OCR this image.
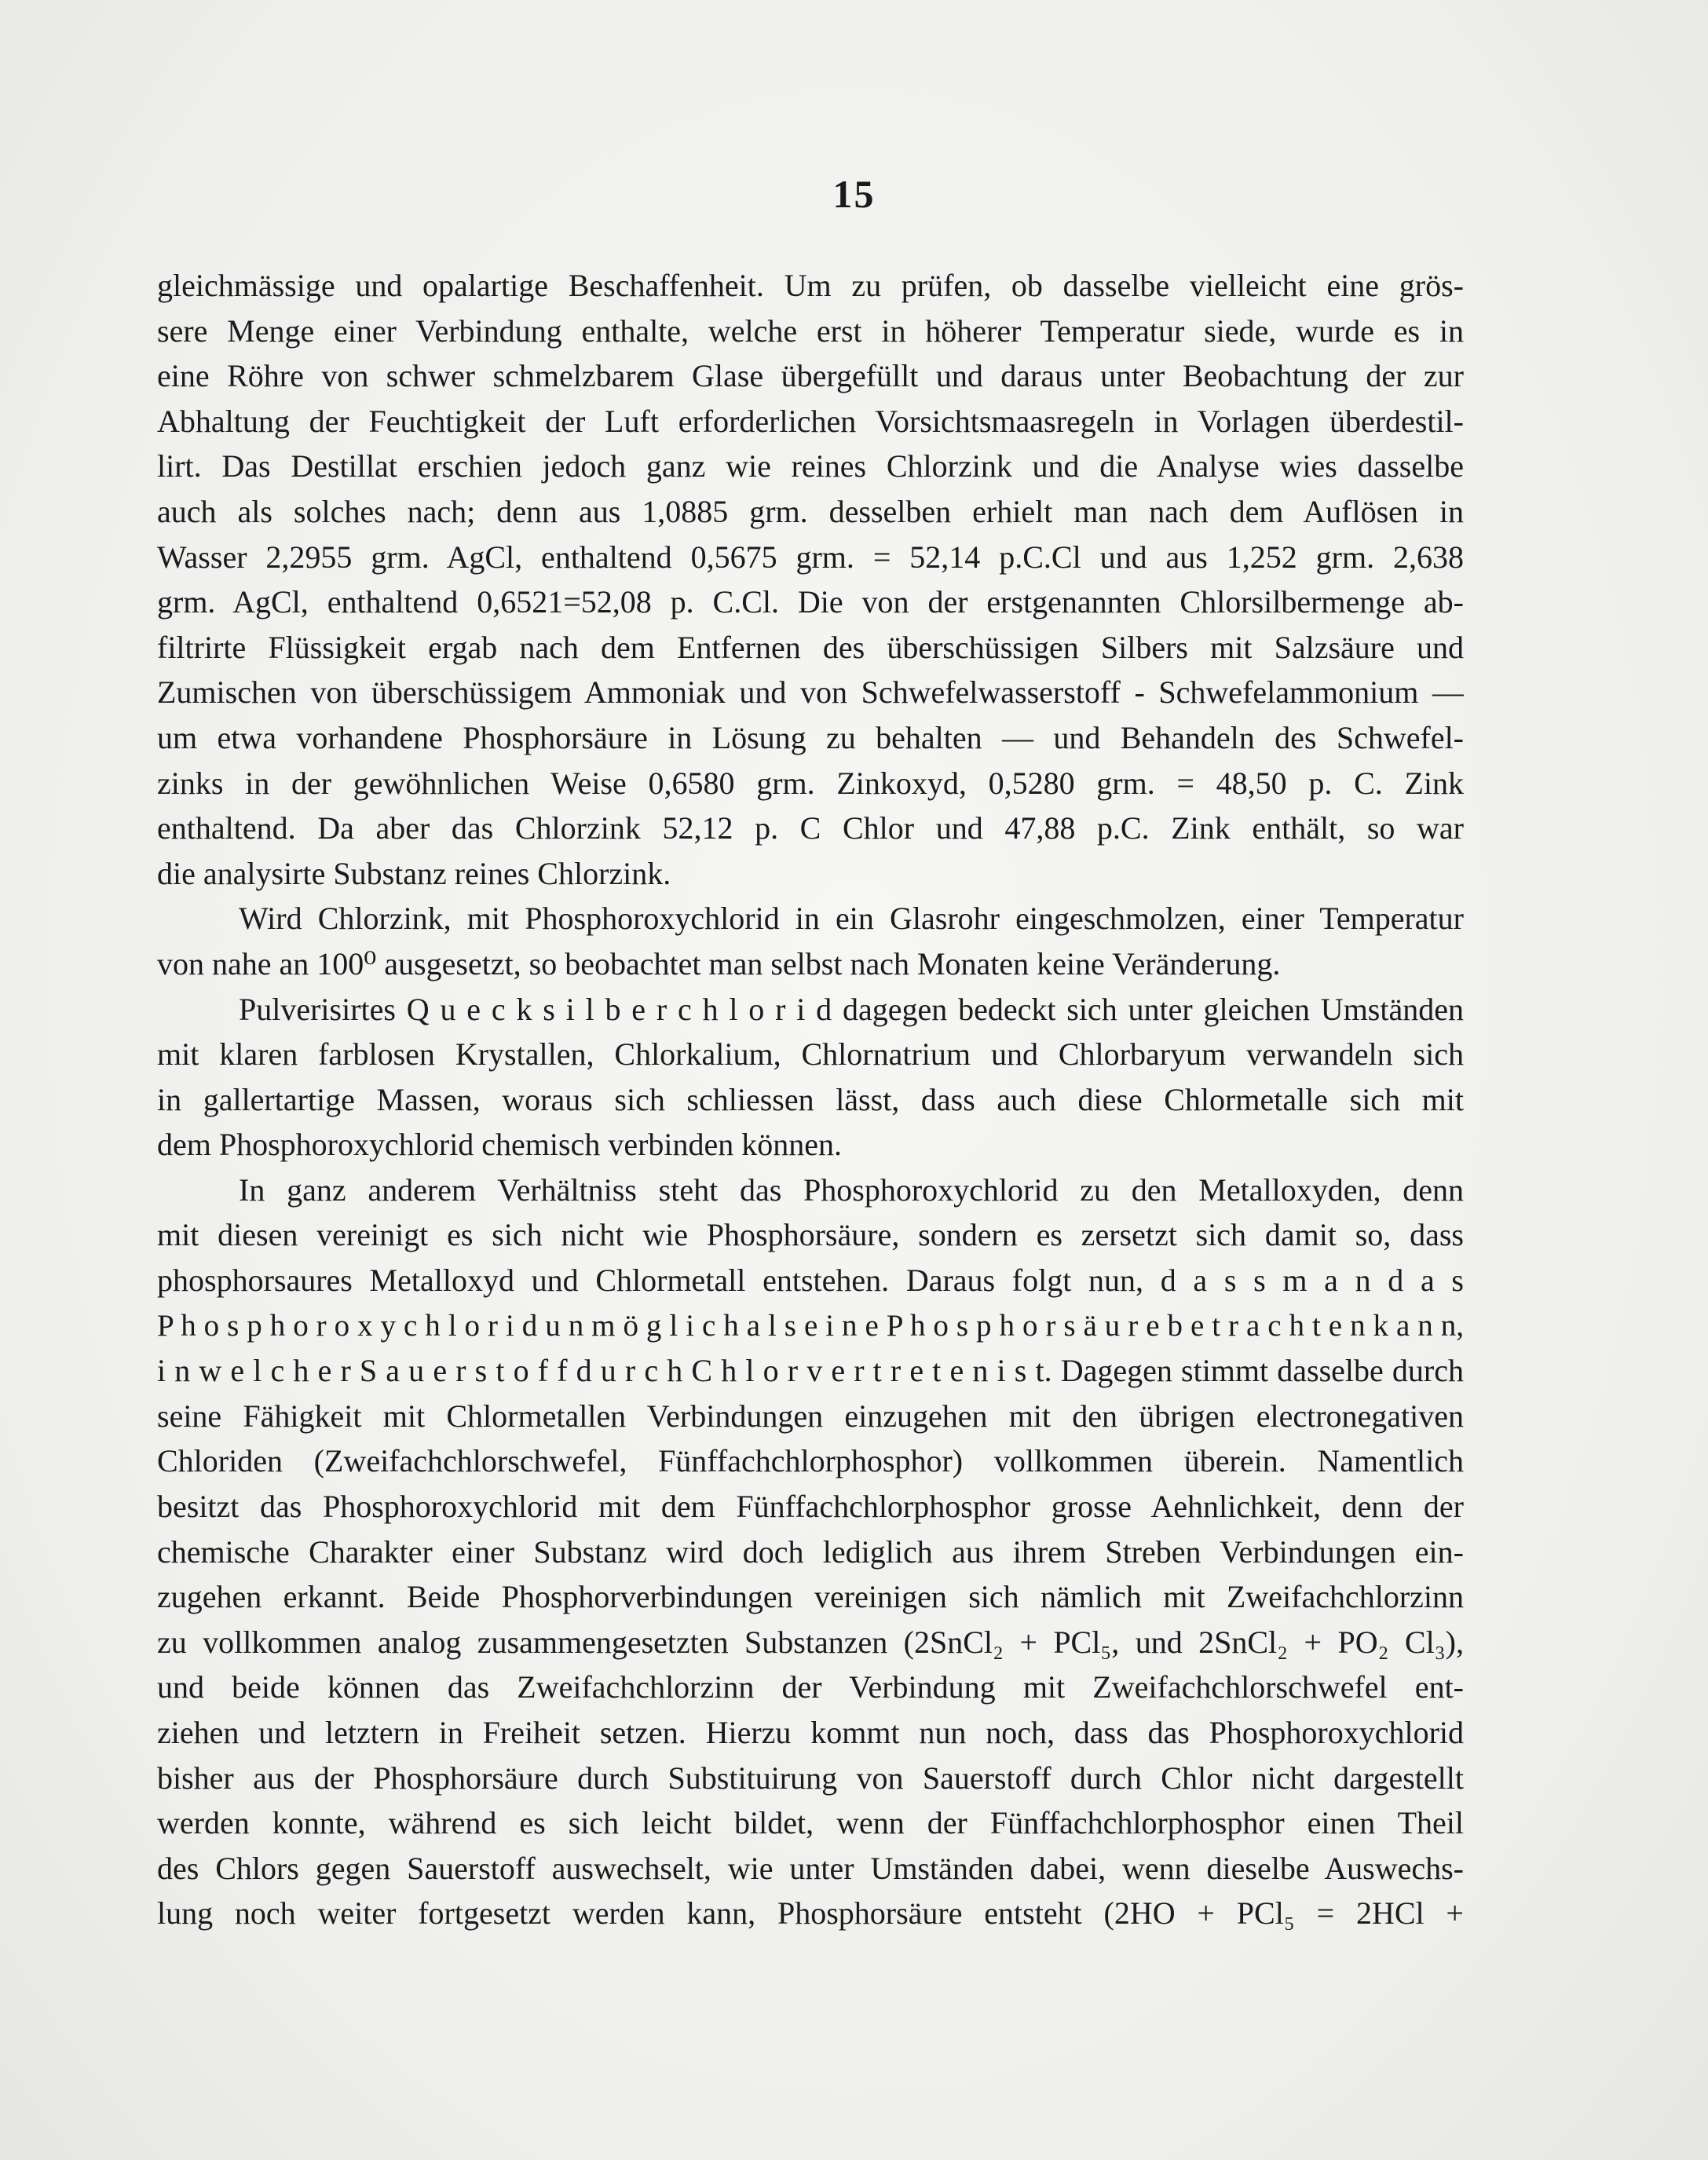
15
gleichmässige und opalartige Beschaffenheit. Um zu prüfen, ob dasselbe vielleicht eine grös-
sere Menge einer Verbindung enthalte, welche erst in höherer Temperatur siede, wurde es in
eine Röhre von schwer schmelzbarem Glase übergefüllt und daraus unter Beobachtung der zur
Abhaltung der Feuchtigkeit der Luft erforderlichen Vorsichtsmaasregeln in Vorlagen überdestil-
lirt. Das Destillat erschien jedoch ganz wie reines Chlorzink und die Analyse wies dasselbe
auch als solches nach; denn aus 1,0885 grm. desselben erhielt man nach dem Auflösen in
Wasser 2,2955 grm. AgCl, enthaltend 0,5675 grm. = 52,14 p.C.Cl und aus 1,252 grm. 2,638
grm. AgCl, enthaltend 0,6521=52,08 p. C.Cl. Die von der erstgenannten Chlorsilbermenge ab-
filtrirte Flüssigkeit ergab nach dem Entfernen des überschüssigen Silbers mit Salzsäure und
Zumischen von überschüssigem Ammoniak und von Schwefelwasserstoff - Schwefelammonium —
um etwa vorhandene Phosphorsäure in Lösung zu behalten — und Behandeln des Schwefel-
zinks in der gewöhnlichen Weise 0,6580 grm. Zinkoxyd, 0,5280 grm. = 48,50 p. C. Zink
enthaltend. Da aber das Chlorzink 52,12 p. C Chlor und 47,88 p.C. Zink enthält, so war
die analysirte Substanz reines Chlorzink.
Wird Chlorzink, mit Phosphoroxychlorid in ein Glasrohr eingeschmolzen, einer Temperatur
von nahe an 100⁰ ausgesetzt, so beobachtet man selbst nach Monaten keine Veränderung.
Pulverisirtes Q u e c k s i l b e r c h l o r i d dagegen bedeckt sich unter gleichen Umständen
mit klaren farblosen Krystallen, Chlorkalium, Chlornatrium und Chlorbaryum verwandeln sich
in gallertartige Massen, woraus sich schliessen lässt, dass auch diese Chlormetalle sich mit
dem Phosphoroxychlorid chemisch verbinden können.
In ganz anderem Verhältniss steht das Phosphoroxychlorid zu den Metalloxyden, denn
mit diesen vereinigt es sich nicht wie Phosphorsäure, sondern es zersetzt sich damit so, dass
phosphorsaures Metalloxyd und Chlormetall entstehen. Daraus folgt nun, d a s s m a n d a s
P h o s p h o r o x y c h l o r i d u n m ö g l i c h a l s e i n e P h o s p h o r s ä u r e b e t r a c h t e n k a n n,
i n w e l c h e r S a u e r s t o f f d u r c h C h l o r v e r t r e t e n i s t. Dagegen stimmt dasselbe durch
seine Fähigkeit mit Chlormetallen Verbindungen einzugehen mit den übrigen electronegativen
Chloriden (Zweifachchlorschwefel, Fünffachchlorphosphor) vollkommen überein. Namentlich
besitzt das Phosphoroxychlorid mit dem Fünffachchlorphosphor grosse Aehnlichkeit, denn der
chemische Charakter einer Substanz wird doch lediglich aus ihrem Streben Verbindungen ein-
zugehen erkannt. Beide Phosphorverbindungen vereinigen sich nämlich mit Zweifachchlorzinn
zu vollkommen analog zusammengesetzten Substanzen (2SnCl₂ + PCl₅, und 2SnCl₂ + PO₂ Cl₃),
und beide können das Zweifachchlorzinn der Verbindung mit Zweifachchlorschwefel ent-
ziehen und letztern in Freiheit setzen. Hierzu kommt nun noch, dass das Phosphoroxychlorid
bisher aus der Phosphorsäure durch Substituirung von Sauerstoff durch Chlor nicht dargestellt
werden konnte, während es sich leicht bildet, wenn der Fünffachchlorphosphor einen Theil
des Chlors gegen Sauerstoff auswechselt, wie unter Umständen dabei, wenn dieselbe Auswechs-
lung noch weiter fortgesetzt werden kann, Phosphorsäure entsteht (2HO + PCl₅ = 2HCl +
